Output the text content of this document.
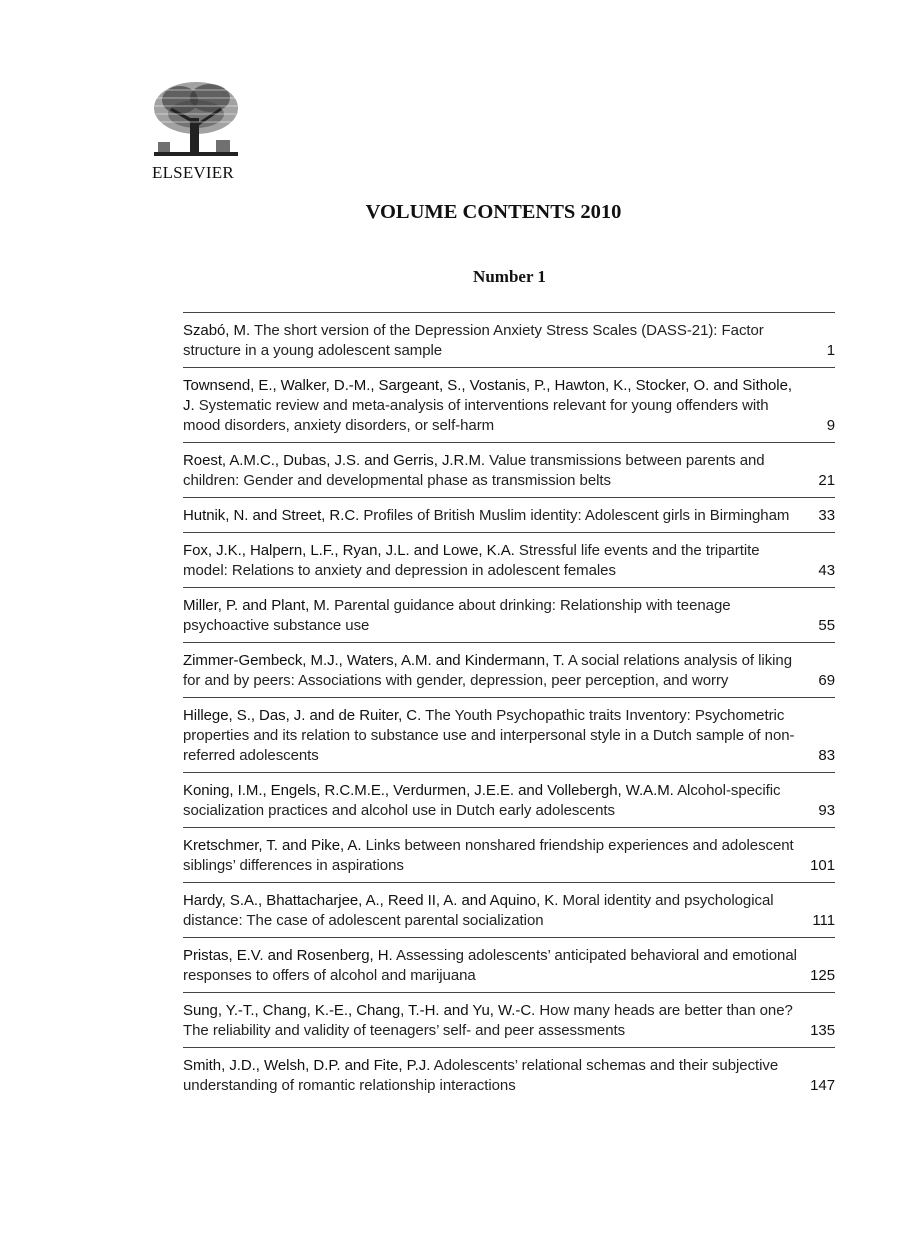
ELSEVIER
VOLUME CONTENTS 2010
Number 1
Szabó, M. The short version of the Depression Anxiety Stress Scales (DASS-21): Factor structure in a young adolescent sample	1
Townsend, E., Walker, D.-M., Sargeant, S., Vostanis, P., Hawton, K., Stocker, O. and Sithole, J. Systematic review and meta-analysis of interventions relevant for young offenders with mood disorders, anxiety disorders, or self-harm	9
Roest, A.M.C., Dubas, J.S. and Gerris, J.R.M. Value transmissions between parents and children: Gender and developmental phase as transmission belts	21
Hutnik, N. and Street, R.C. Profiles of British Muslim identity: Adolescent girls in Birmingham	33
Fox, J.K., Halpern, L.F., Ryan, J.L. and Lowe, K.A. Stressful life events and the tripartite model: Relations to anxiety and depression in adolescent females	43
Miller, P. and Plant, M. Parental guidance about drinking: Relationship with teenage psychoactive substance use	55
Zimmer-Gembeck, M.J., Waters, A.M. and Kindermann, T. A social relations analysis of liking for and by peers: Associations with gender, depression, peer perception, and worry	69
Hillege, S., Das, J. and de Ruiter, C. The Youth Psychopathic traits Inventory: Psychometric properties and its relation to substance use and interpersonal style in a Dutch sample of non-referred adolescents	83
Koning, I.M., Engels, R.C.M.E., Verdurmen, J.E.E. and Vollebergh, W.A.M. Alcohol-specific socialization practices and alcohol use in Dutch early adolescents	93
Kretschmer, T. and Pike, A. Links between nonshared friendship experiences and adolescent siblings’ differences in aspirations	101
Hardy, S.A., Bhattacharjee, A., Reed II, A. and Aquino, K. Moral identity and psychological distance: The case of adolescent parental socialization	111
Pristas, E.V. and Rosenberg, H. Assessing adolescents’ anticipated behavioral and emotional responses to offers of alcohol and marijuana	125
Sung, Y.-T., Chang, K.-E., Chang, T.-H. and Yu, W.-C. How many heads are better than one? The reliability and validity of teenagers’ self- and peer assessments	135
Smith, J.D., Welsh, D.P. and Fite, P.J. Adolescents’ relational schemas and their subjective understanding of romantic relationship interactions	147
